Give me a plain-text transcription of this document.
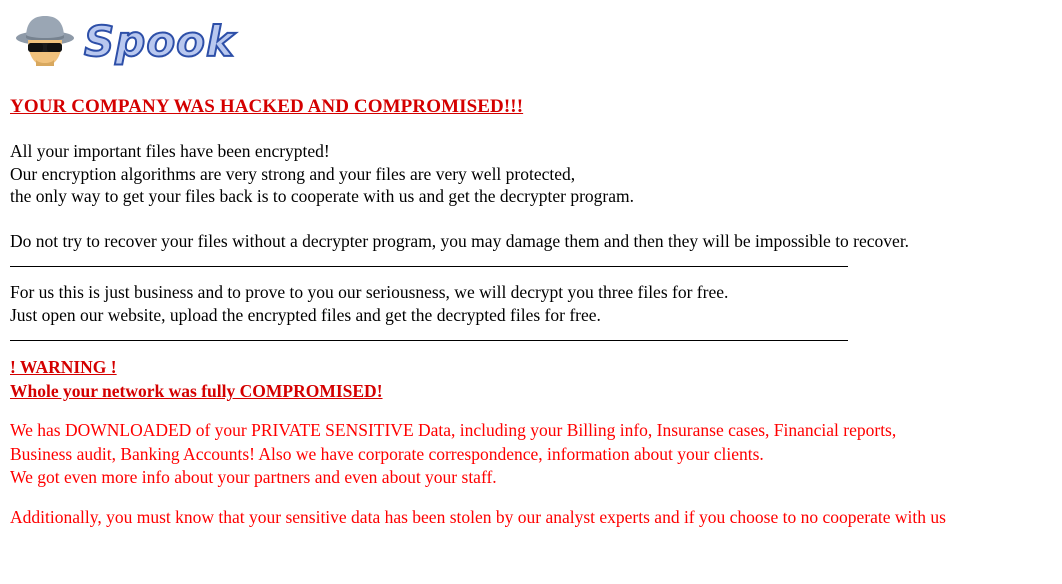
Spook
YOUR COMPANY WAS HACKED AND COMPROMISED!!!

All your important files have been encrypted!

Our encryption algorithms are very strong and your files are very well protected,

the only way to get your files back is to cooperate with us and get the decrypter program.

Do not try to recover your files without a decrypter program, you may damage them and then they will be impossible to recover.

For us this is just business and to prove to you our seriousness, we will decrypt you three files for free.

Just open our website, upload the encrypted files and get the decrypted files for free.

! WARNING !

Whole your network was fully COMPROMISED!

We has DOWNLOADED of your PRIVATE SENSITIVE Data, including your Billing info, Insuranse cases, Financial reports,

Business audit, Banking Accounts! Also we have corporate correspondence, information about your clients.

We got even more info about your partners and even about your staff.

Additionally, you must know that your sensitive data has been stolen by our analyst experts and if you choose to no cooperate with us
